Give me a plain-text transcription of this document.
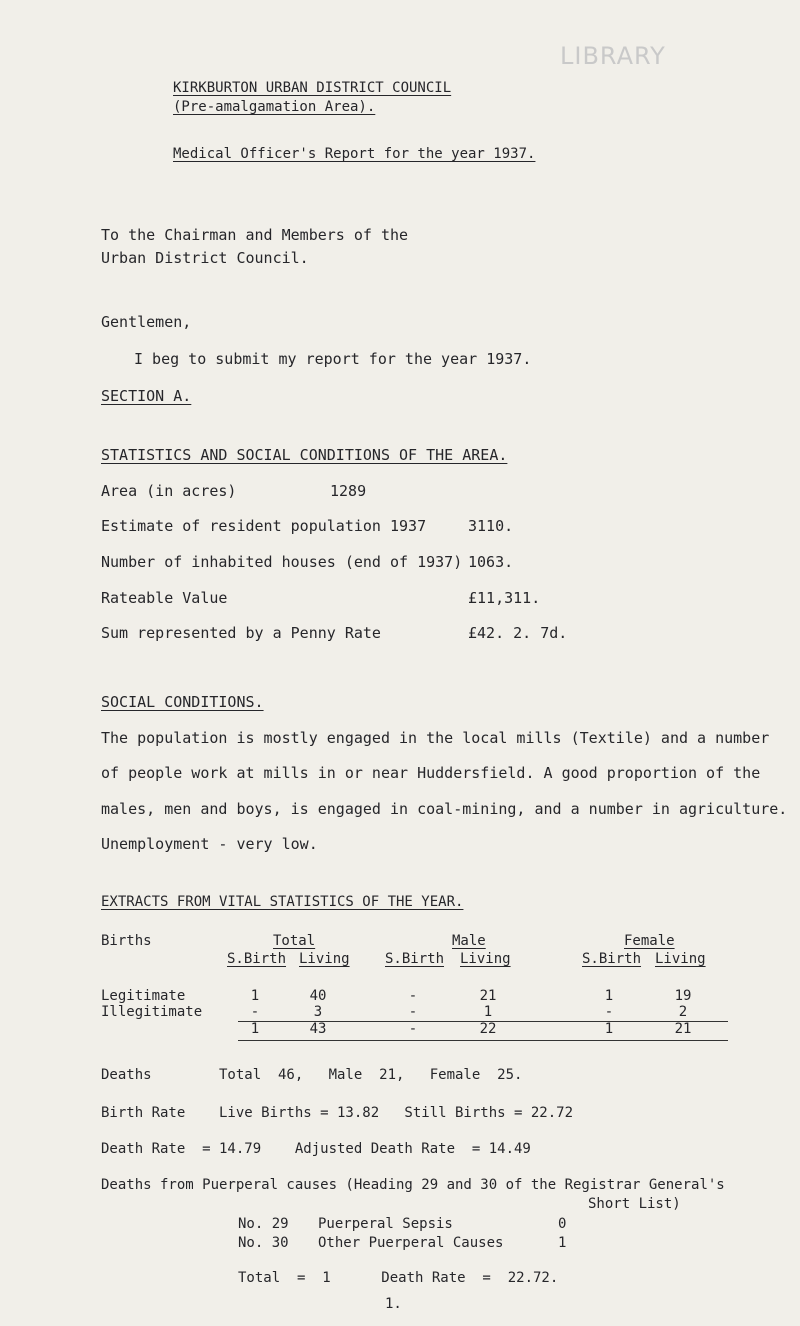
LIBRARY
KIRKBURTON URBAN DISTRICT COUNCIL
(Pre-amalgamation Area).
Medical Officer's Report for the year 1937.
To the Chairman and Members of the
Urban District Council.
Gentlemen,
I beg to submit my report for the year 1937.
SECTION A.
STATISTICS AND SOCIAL CONDITIONS OF THE AREA.
Area (in acres)	1289
Estimate of resident population 1937	3110.
Number of inhabited houses (end of 1937) 1063.
Rateable Value	£11,311.
Sum represented by a Penny Rate	£42. 2. 7d.
SOCIAL CONDITIONS.
The population is mostly engaged in the local mills (Textile) and a number
of people work at mills in or near Huddersfield. A good proportion of the
males, men and boys, is engaged in coal-mining, and a number in agriculture.
Unemployment - very low.
EXTRACTS FROM VITAL STATISTICS OF THE YEAR.
Births	Total	Male	Female
S.Birth Living	S.Birth Living	S.Birth Living
Legitimate	1	40	-	21	1	19
Illegitimate	-	3	-	1	-	2
1	43	-	22	1	21
Deaths        Total  46,   Male  21,   Female  25.
Birth Rate    Live Births = 13.82   Still Births = 22.72
Death Rate  = 14.79    Adjusted Death Rate  = 14.49
Deaths from Puerperal causes (Heading 29 and 30 of the Registrar General's
Short List)
No. 29 Puerperal Sepsis	0
No. 30 Other Puerperal Causes	1
Total  =  1      Death Rate  =  22.72.
1.
